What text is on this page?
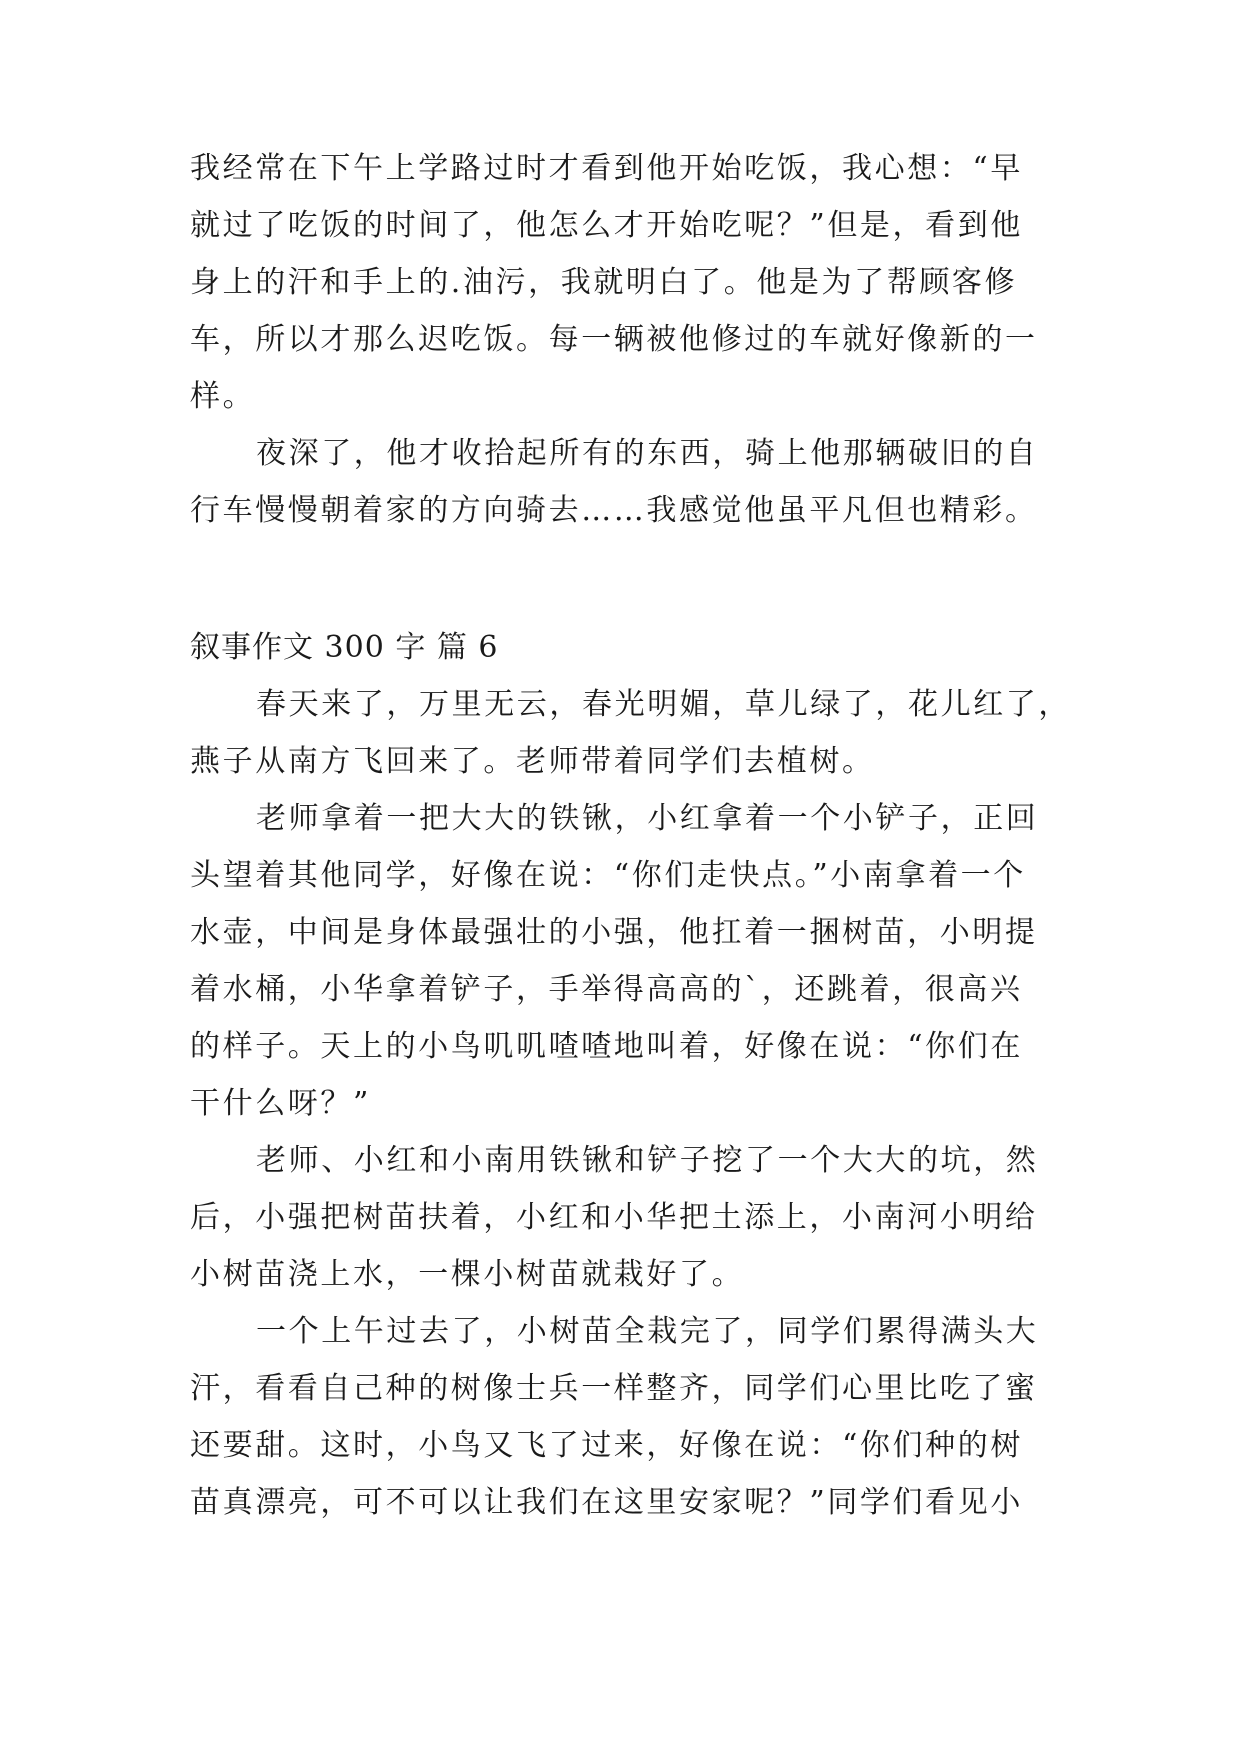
我经常在下午上学路过时才看到他开始吃饭，我心想：“早
就过了吃饭的时间了，他怎么才开始吃呢？”但是，看到他
身上的汗和手上的.油污，我就明白了。他是为了帮顾客修
车，所以才那么迟吃饭。每一辆被他修过的车就好像新的一
样。
夜深了，他才收拾起所有的东西，骑上他那辆破旧的自
行车慢慢朝着家的方向骑去……我感觉他虽平凡但也精彩。
叙事作文 300 字 篇 6
春天来了，万里无云，春光明媚，草儿绿了，花儿红了，
燕子从南方飞回来了。老师带着同学们去植树。
老师拿着一把大大的铁锹，小红拿着一个小铲子，正回
头望着其他同学，好像在说：“你们走快点。”小南拿着一个
水壶，中间是身体最强壮的小强，他扛着一捆树苗，小明提
着水桶，小华拿着铲子，手举得高高的`，还跳着，很高兴
的样子。天上的小鸟叽叽喳喳地叫着，好像在说：“你们在
干什么呀？”
老师、小红和小南用铁锹和铲子挖了一个大大的坑，然
后，小强把树苗扶着，小红和小华把土添上，小南河小明给
小树苗浇上水，一棵小树苗就栽好了。
一个上午过去了，小树苗全栽完了，同学们累得满头大
汗，看看自己种的树像士兵一样整齐，同学们心里比吃了蜜
还要甜。这时，小鸟又飞了过来，好像在说：“你们种的树
苗真漂亮，可不可以让我们在这里安家呢？”同学们看见小
